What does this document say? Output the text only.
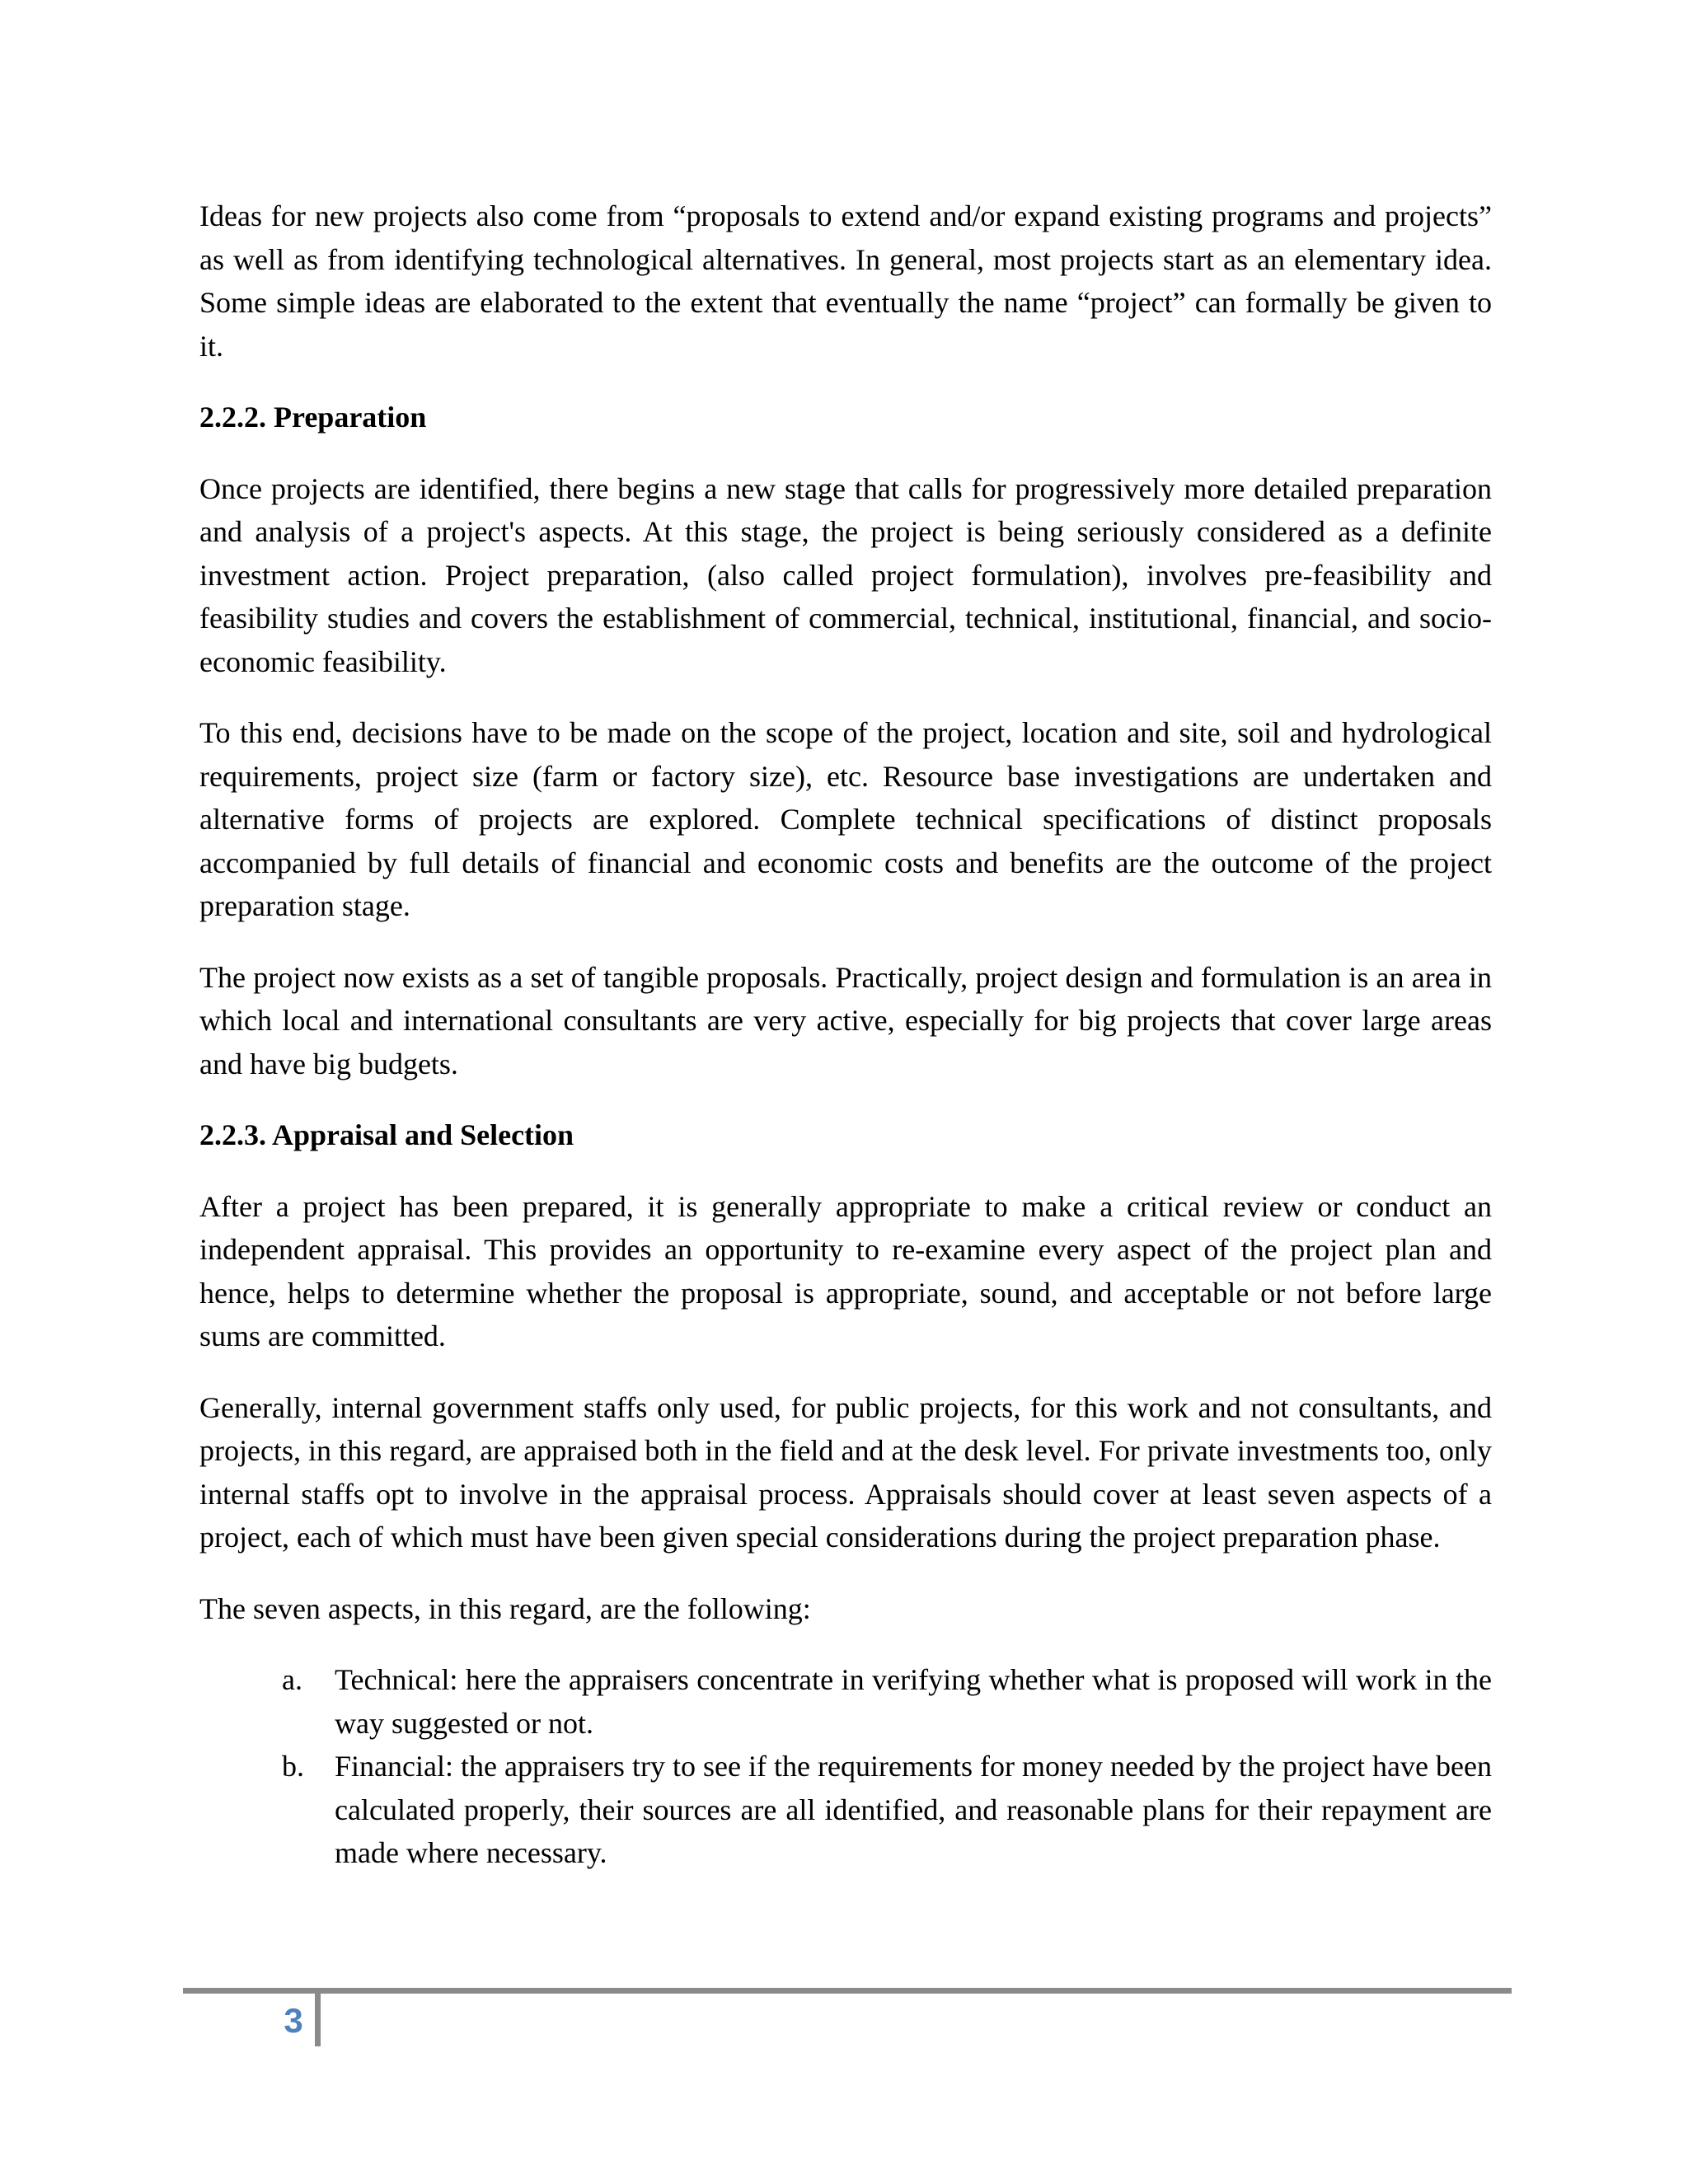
Ideas for new projects also come from “proposals to extend and/or expand existing programs and projects” as well as from identifying technological alternatives. In general, most projects start as an elementary idea. Some simple ideas are elaborated to the extent that eventually the name “project” can formally be given to it.

2.2.2. Preparation

Once projects are identified, there begins a new stage that calls for progressively more detailed preparation and analysis of a project's aspects. At this stage, the project is being seriously considered as a definite investment action. Project preparation, (also called project formulation), involves pre-feasibility and feasibility studies and covers the establishment of commercial, technical, institutional, financial, and socio- economic feasibility.

To this end, decisions have to be made on the scope of the project, location and site, soil and hydrological requirements, project size (farm or factory size), etc. Resource base investigations are undertaken and alternative forms of projects are explored. Complete technical specifications of distinct proposals accompanied by full details of financial and economic costs and benefits are the outcome of the project preparation stage.

The project now exists as a set of tangible proposals. Practically, project design and formulation is an area in which local and international consultants are very active, especially for big projects that cover large areas and have big budgets.

2.2.3. Appraisal and Selection

After a project has been prepared, it is generally appropriate to make a critical review or conduct an independent appraisal. This provides an opportunity to re-examine every aspect of the project plan and hence, helps to determine whether the proposal is appropriate, sound, and acceptable or not before large sums are committed.

Generally, internal government staffs only used, for public projects, for this work and not consultants, and projects, in this regard, are appraised both in the field and at the desk level. For private investments too, only internal staffs opt to involve in the appraisal process. Appraisals should cover at least seven aspects of a project, each of which must have been given special considerations during the project preparation phase.

The seven aspects, in this regard, are the following:

a. Technical: here the appraisers concentrate in verifying whether what is proposed will work in the way suggested or not.
b. Financial: the appraisers try to see if the requirements for money needed by the project have been calculated properly, their sources are all identified, and reasonable plans for their repayment are made where necessary.
3
